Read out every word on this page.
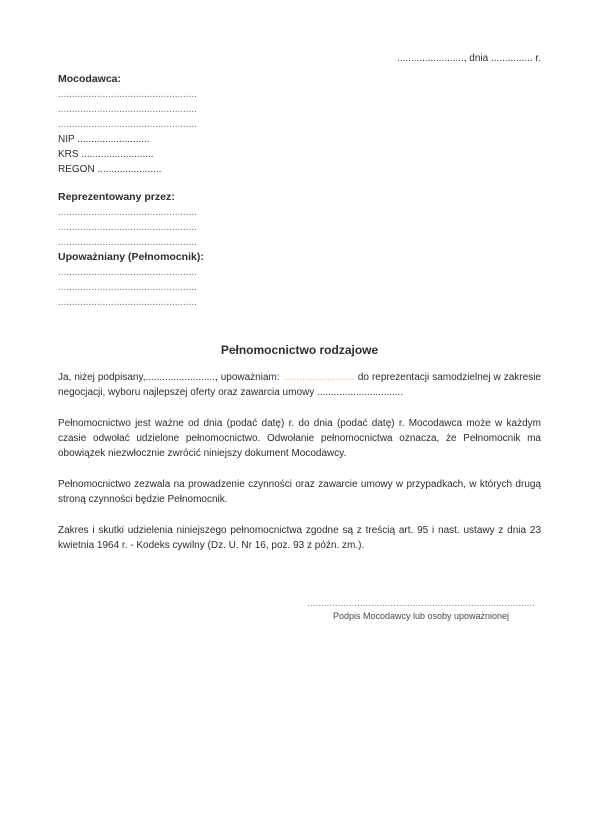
........................, dnia ............... r.
Mocodawca:
..................................................
..................................................
..................................................
NIP ..........................
KRS ..........................
REGON .......................
Reprezentowany przez:
..................................................
..................................................
..................................................
Upoważniany (Pełnomocnik):
..................................................
..................................................
..................................................
Pełnomocnictwo rodzajowe

Ja, niżej podpisany,........................., upoważniam: .......................... do reprezentacji samodzielnej w zakresie negocjacji, wyboru najlepszej oferty oraz zawarcia umowy ...............................

Pełnomocnictwo jest ważne od dnia (podać datę) r. do dnia (podać datę) r. Mocodawca może w każdym czasie odwołać udzielone pełnomocnictwo. Odwołanie pełnomocnictwa oznacza, że Pełnomocnik ma obowiązek niezwłocznie zwrócić niniejszy dokument Mocodawcy.

Pełnomocnictwo zezwala na prowadzenie czynności oraz zawarcie umowy w przypadkach, w których drugą stroną czynności będzie Pełnomocnik.

Zakres i skutki udzielenia niniejszego pełnomocnictwa zgodne są z treścią art. 95 i nast. ustawy z dnia 23 kwietnia 1964 r. - Kodeks cywilny (Dz. U. Nr 16, poz. 93 z późn. zm.).

..................................................................................
Podpis Mocodawcy lub osoby upoważnionej
